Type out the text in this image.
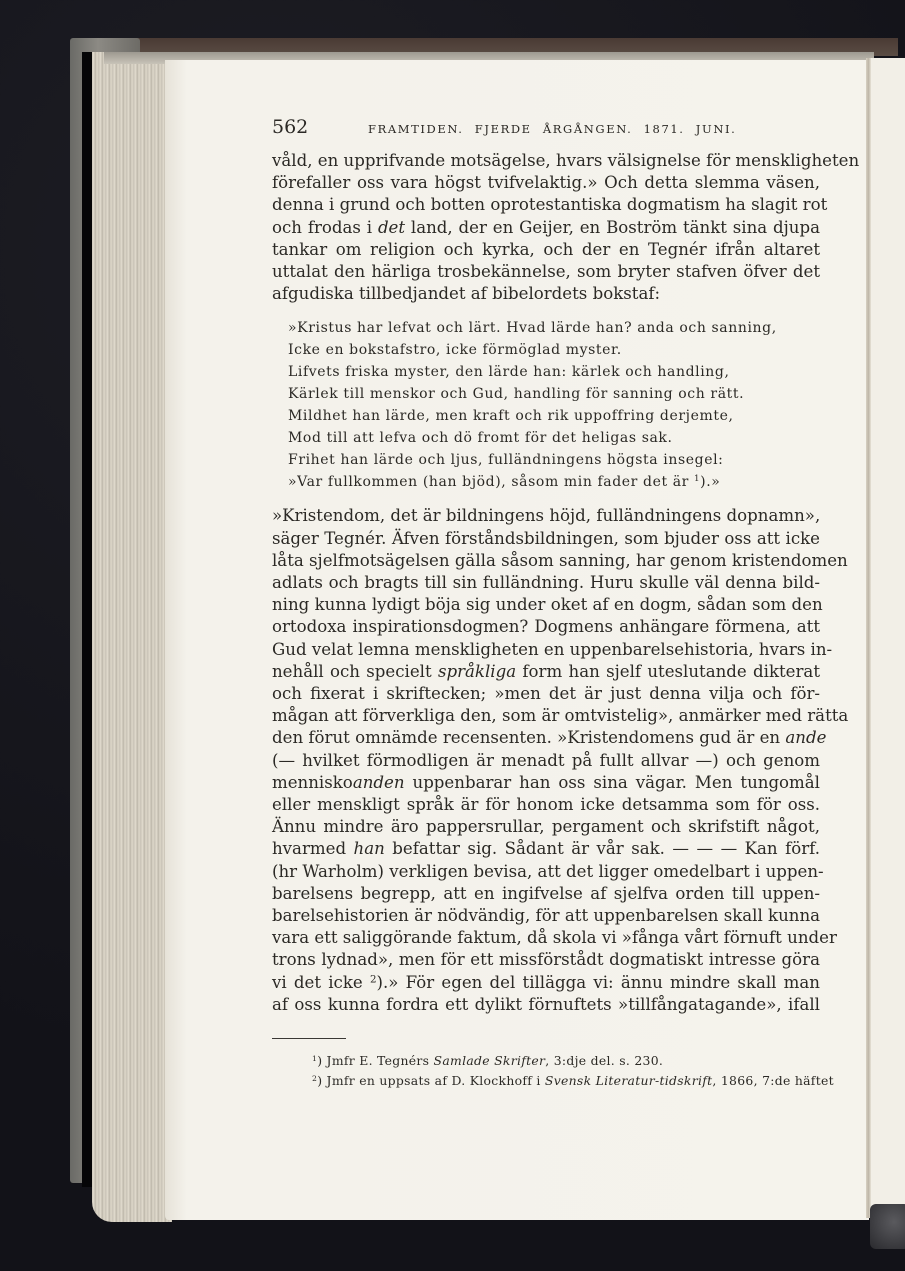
562	FRAMTIDEN. FJERDE ÅRGÅNGEN. 1871. JUNI.

våld, en upprifvande motsägelse, hvars välsignelse för menskligheten
förefaller oss vara högst tvifvelaktig.» Och detta slemma väsen,
denna i grund och botten oprotestantiska dogmatism ha slagit rot
och frodas i det land, der en Geijer, en Boström tänkt sina djupa
tankar om religion och kyrka, och der en Tegnér ifrån altaret
uttalat den härliga trosbekännelse, som bryter stafven öfver det
afgudiska tillbedjandet af bibelordets bokstaf:

»Kristus har lefvat och lärt. Hvad lärde han? anda och sanning,
Icke en bokstafstro, icke förmöglad myster.
Lifvets friska myster, den lärde han: kärlek och handling,
Kärlek till menskor och Gud, handling för sanning och rätt.
Mildhet han lärde, men kraft och rik uppoffring derjemte,
Mod till att lefva och dö fromt för det heligas sak.
Frihet han lärde och ljus, fulländningens högsta insegel:
»Var fullkommen (han bjöd), såsom min fader det är $^1$).»

»Kristendom, det är bildningens höjd, fulländningens dopnamn»,
säger Tegnér. Äfven förståndsbildningen, som bjuder oss att icke
låta sjelfmotsägelsen gälla såsom sanning, har genom kristendomen
adlats och bragts till sin fulländning. Huru skulle väl denna bild-
ning kunna lydigt böja sig under oket af en dogm, sådan som den
ortodoxa inspirationsdogmen? Dogmens anhängare förmena, att
Gud velat lemna menskligheten en uppenbarelsehistoria, hvars in-
nehåll och specielt språkliga form han sjelf uteslutande dikterat
och fixerat i skriftecken; »men det är just denna vilja och för-
mågan att förverkliga den, som är omtvistelig», anmärker med rätta
den förut omnämde recensenten. »Kristendomens gud är en ande
(— hvilket förmodligen är menadt på fullt allvar —) och genom
menniskoanden uppenbarar han oss sina vägar. Men tungomål
eller menskligt språk är för honom icke detsamma som för oss.
Ännu mindre äro pappersrullar, pergament och skrifstift något,
hvarmed han befattar sig. Sådant är vår sak. — — — Kan förf.
(hr Warholm) verkligen bevisa, att det ligger omedelbart i uppen-
barelsens begrepp, att en ingifvelse af sjelfva orden till uppen-
barelsehistorien är nödvändig, för att uppenbarelsen skall kunna
vara ett saliggörande faktum, då skola vi »fånga vårt förnuft under
trons lydnad», men för ett missförstådt dogmatiskt intresse göra
vi det icke $^2$).» För egen del tillägga vi: ännu mindre skall man
af oss kunna fordra ett dylikt förnuftets »tillfångatagande», ifall

$^1$) Jmfr E. Tegnérs Samlade Skrifter, 3:dje del. s. 230.
$^2$) Jmfr en uppsats af D. Klockhoff i Svensk Literatur-tidskrift, 1866, 7:de häftet
